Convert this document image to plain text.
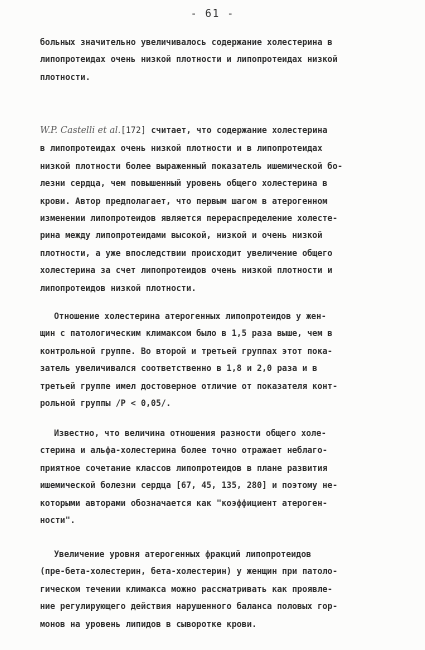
- 61 -
больных значительно увеличивалось содержание холестерина в
липопротеидах очень низкой плотности и липопротеидах низкой
плотности.
W.P. Castelli et al.[172] считает, что содержание холестерина
в липопротеидах очень низкой плотности и в липопротеидах
низкой плотности более выраженный показатель ишемической бо-
лезни сердца, чем повышенный уровень общего холестерина в
крови. Автор предполагает, что первым шагом в атерогенном
изменении липопротеидов является перераспределение холесте-
рина между липопротеидами высокой, низкой и очень низкой
плотности, а уже впоследствии происходит увеличение общего
холестерина за счет липопротеидов очень низкой плотности и
липопротеидов низкой плотности.
Отношение холестерина атерогенных липопротеидов у жен-
щин с патологическим климаксом было в 1,5 раза выше, чем в
контрольной группе. Во второй и третьей группах этот пока-
затель увеличивался соответственно в 1,8 и 2,0 раза и в
третьей группе имел достоверное отличие от показателя конт-
рольной группы /Р < 0,05/.
Известно, что величина отношения разности общего холе-
стерина и альфа-холестерина более точно отражает неблаго-
приятное сочетание классов липопротеидов в плане развития
ишемической болезни сердца [67, 45, 135, 280] и поэтому не-
которыми авторами обозначается как "коэффициент атероген-
ности".
Увеличение уровня атерогенных фракций липопротеидов
(пре-бета-холестерин, бета-холестерин) у женщин при патоло-
гическом течении климакса можно рассматривать как проявле-
ние регулирующего действия нарушенного баланса половых гор-
монов на уровень липидов в сыворотке крови.
